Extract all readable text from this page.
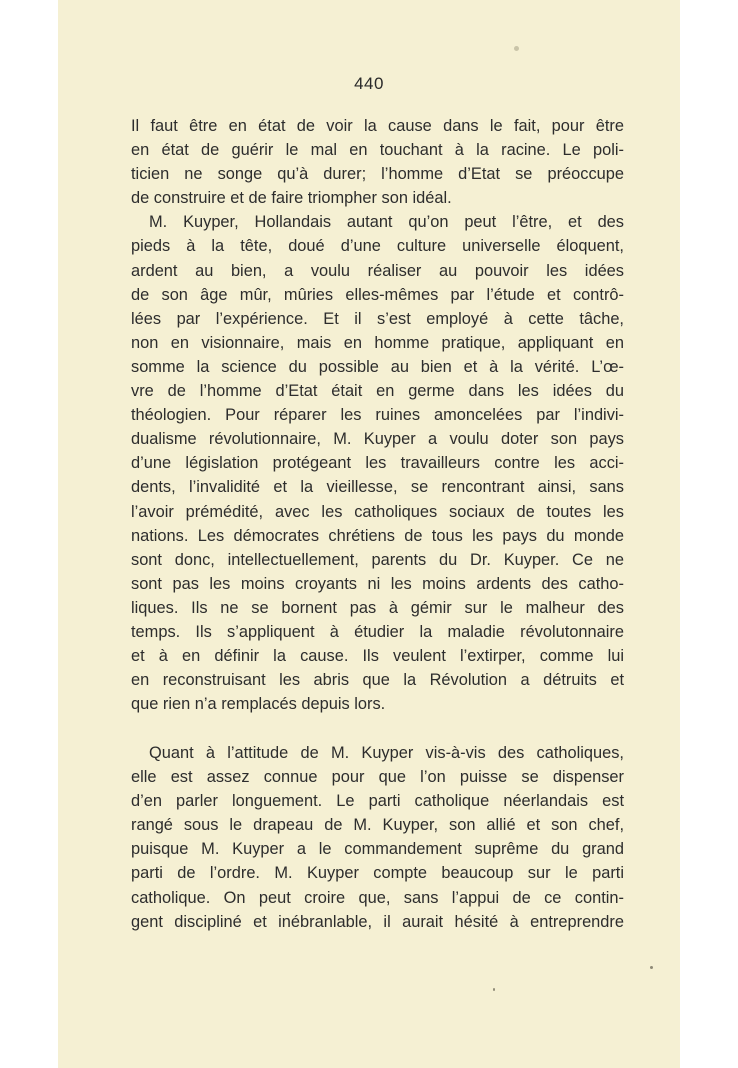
440
Il faut être en état de voir la cause dans le fait, pour être
en état de guérir le mal en touchant à la racine. Le poli-
ticien ne songe qu’à durer; l’homme d’Etat se préoccupe
de construire et de faire triompher son idéal.
M. Kuyper, Hollandais autant qu’on peut l’être, et des
pieds à la tête, doué d’une culture universelle éloquent,
ardent au bien, a voulu réaliser au pouvoir les idées
de son âge mûr, mûries elles-mêmes par l’étude et contrô-
lées par l’expérience. Et il s’est employé à cette tâche,
non en visionnaire, mais en homme pratique, appliquant en
somme la science du possible au bien et à la vérité. L’œ-
vre de l’homme d’Etat était en germe dans les idées du
théologien. Pour réparer les ruines amoncelées par l’indivi-
dualisme révolutionnaire, M. Kuyper a voulu doter son pays
d’une législation protégeant les travailleurs contre les acci-
dents, l’invalidité et la vieillesse, se rencontrant ainsi, sans
l’avoir prémédité, avec les catholiques sociaux de toutes les
nations. Les démocrates chrétiens de tous les pays du monde
sont donc, intellectuellement, parents du Dr. Kuyper. Ce ne
sont pas les moins croyants ni les moins ardents des catho-
liques. Ils ne se bornent pas à gémir sur le malheur des
temps. Ils s’appliquent à étudier la maladie révolutonnaire
et à en définir la cause. Ils veulent l’extirper, comme lui
en reconstruisant les abris que la Révolution a détruits et
que rien n’a remplacés depuis lors.
Quant à l’attitude de M. Kuyper vis-à-vis des catholiques,
elle est assez connue pour que l’on puisse se dispenser
d’en parler longuement. Le parti catholique néerlandais est
rangé sous le drapeau de M. Kuyper, son allié et son chef,
puisque M. Kuyper a le commandement suprême du grand
parti de l’ordre. M. Kuyper compte beaucoup sur le parti
catholique. On peut croire que, sans l’appui de ce contin-
gent discipliné et inébranlable, il aurait hésité à entreprendre
